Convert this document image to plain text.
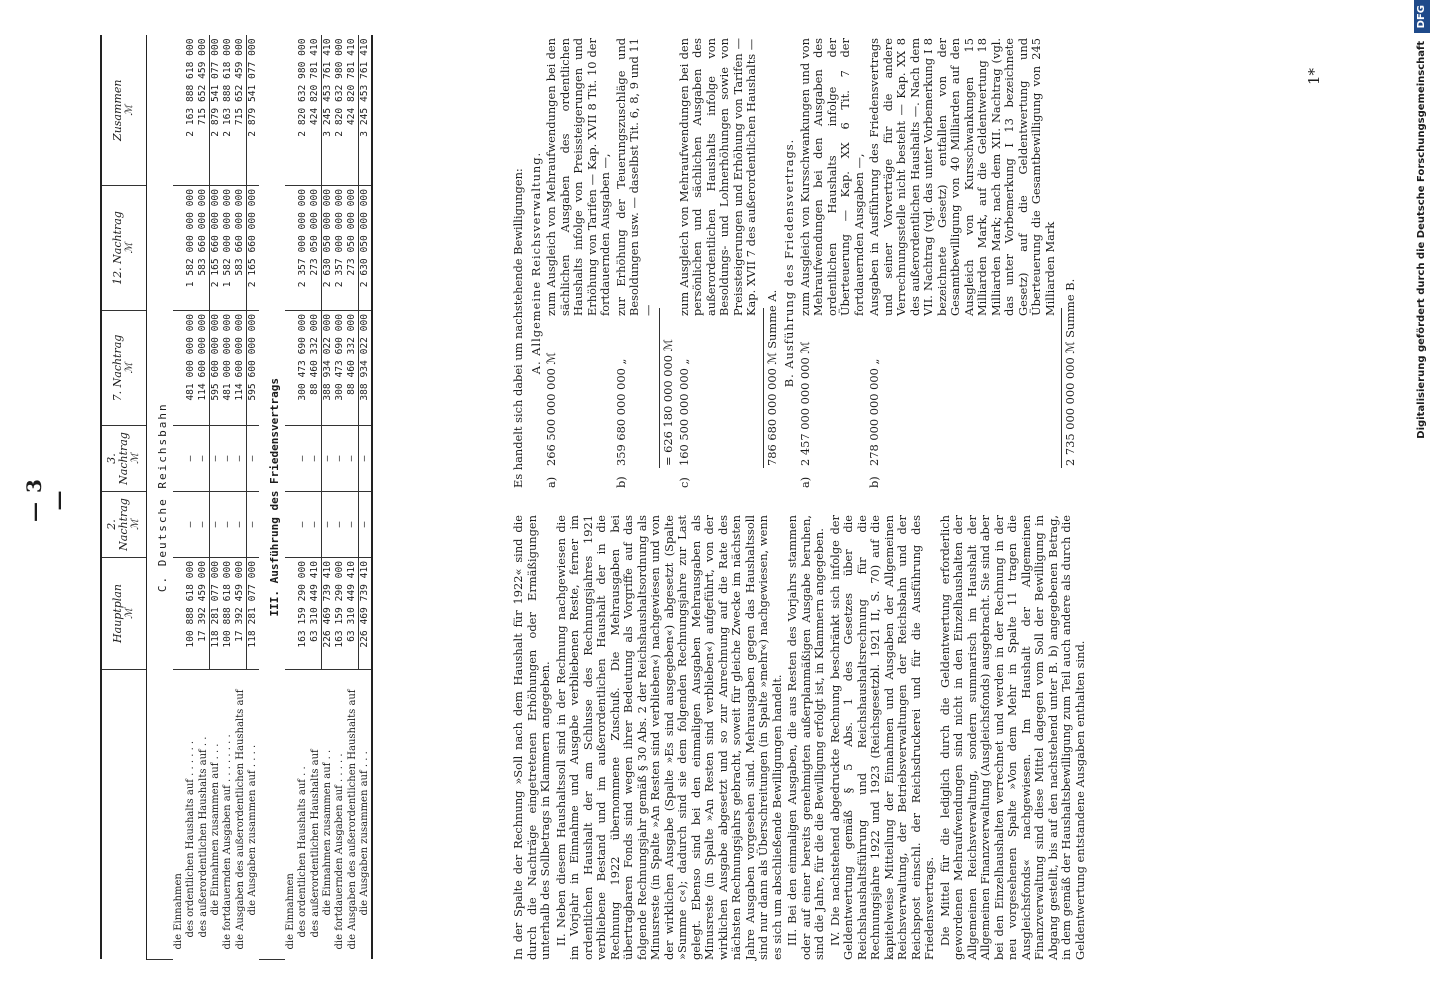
— 3 —
	Hauptplan ℳ	2. Nachtrag ℳ	3. Nachtrag ℳ	7. Nachtrag ℳ	12. Nachtrag ℳ	Zusammen ℳ

C. Deutsche Reichsbahn						
die Einnahmen						
des ordentlichen Haushalts auf . . . . . .	100 888 618 000	—	—	481 000 000 000	1 582 000 000 000	2 163 888 618 000
des außerordentlichen Haushalts auf . .	17 392 459 000	—	—	114 600 000 000	583 660 000 000	715 652 459 000
die Einnahmen zusammen auf . . .	118 281 077 000	—	—	595 600 000 000	2 165 660 000 000	2 879 541 077 000
die fortdauernden Ausgaben auf . . . . . . . .	100 888 618 000	—	—	481 000 000 000	1 582 000 000 000	2 163 888 618 000
die Ausgaben des außerordentlichen Haushalts auf	17 392 459 000	—	—	114 600 000 000	583 660 000 000	715 652 459 000
die Ausgaben zusammen auf . . . .	118 281 077 000	—	—	595 600 000 000	2 165 660 000 000	2 879 541 077 000
III. Ausführung des Friedensvertrags						
die Einnahmen						
des ordentlichen Haushalts auf . .	163 159 290 000	—	—	300 473 690 000	2 357 000 000 000	2 820 632 980 000
des außerordentlichen Haushalts auf	63 310 449 410	—	—	88 460 332 000	273 050 000 000	424 820 781 410
die Einnahmen zusammen auf . .	226 469 739 410	—	—	388 934 022 000	2 630 050 000 000	3 245 453 761 410
die fortdauernden Ausgaben auf . . . . .	163 159 290 000	—	—	300 473 690 000	2 357 000 000 000	2 820 632 980 000
die Ausgaben des außerordentlichen Haushalts auf	63 310 449 410	—	—	88 460 332 000	273 050 000 000	424 820 781 410
die Ausgaben zusammen auf . . .	226 469 739 410	—	—	388 934 022 000	2 630 050 000 000	3 245 453 761 410

In der Spalte der Rechnung »Soll nach dem Haushalt für 1922« sind die durch die Nachträge eingetretenen Erhöhungen oder Ermäßigungen unterhalb des Sollbetrags in Klammern angegeben. II. Neben diesem Haushaltssoll sind in der Rechnung nachgewiesen die im Vorjahr in Einnahme und Ausgabe verbliebenen Reste, ferner im ordentlichen Haushalt der am Schlusse des Rechnungsjahres 1921 verbliebene Bestand und im außerordentlichen Haushalt der in die Rechnung 1922 übernommene Zuschuß. Die Mehrausgaben bei übertragbaren Fonds sind wegen ihrer Bedeutung als Vorgriffe auf das folgende Rechnungsjahr gemäß § 30 Abs. 2 der Reichshaushaltsordnung als Minusreste (in Spalte »An Resten sind verblieben«) nachgewiesen und von der wirklichen Ausgabe (Spalte »Es sind ausgegeben«) abgesetzt (Spalte »Summe c«); dadurch sind sie dem folgenden Rechnungsjahre zur Last gelegt. Ebenso sind bei den einmaligen Ausgaben Mehrausgaben als Minusreste (in Spalte »An Resten sind verblieben«) aufgeführt, von der wirklichen Ausgabe abgesetzt und so zur Anrechnung auf die Rate des nächsten Rechnungsjahrs gebracht, soweit für gleiche Zwecke im nächsten Jahre Ausgaben vorgesehen sind. Mehrausgaben gegen das Haushaltssoll sind nur dann als Überschreitungen (in Spalte »mehr«) nachgewiesen, wenn es sich um abschließende Bewilligungen handelt. III. Bei den einmaligen Ausgaben, die aus Resten des Vorjahrs stammen oder auf einer bereits genehmigten außerplanmäßigen Ausgabe beruhen, sind die Jahre, für die die Bewilligung erfolgt ist, in Klammern angegeben. IV. Die nachstehend abgedruckte Rechnung beschränkt sich infolge der Geldentwertung gemäß § 5 Abs. 1 des Gesetzes über die Reichshaushaltsführung und Reichshaushaltsrechnung für die Rechnungsjahre 1922 und 1923 (Reichsgesetzbl. 1921 II, S. 70) auf die kapitelweise Mitteilung der Einnahmen und Ausgaben der Allgemeinen Reichsverwaltung, der Betriebsverwaltungen der Reichsbahn und der Reichspost einschl. der Reichsdruckerei und für die Ausführung des Friedensvertrags. Die Mittel für die lediglich durch die Geldentwertung erforderlich gewordenen Mehraufwendungen sind nicht in den Einzelhaushalten der Allgemeinen Reichsverwaltung, sondern summarisch im Haushalt der Allgemeinen Finanzverwaltung (Ausgleichsfonds) ausgebracht. Sie sind aber bei den Einzelhaushalten verrechnet und werden in der Rechnung in der neu vorgesehenen Spalte »Von dem Mehr in Spalte 11 tragen die Ausgleichsfonds« nachgewiesen. Im Haushalt der Allgemeinen Finanzverwaltung sind diese Mittel dagegen vom Soll der Bewilligung in Abgang gestellt, bis auf den nachstehend unter B. b) angegebenen Betrag, in dem gemäß der Haushaltsbewilligung zum Teil auch andere als durch die Geldentwertung entstandene Ausgaben enthalten sind.

Es handelt sich dabei um nachstehende Bewilligungen: A. Allgemeine Reichsverwaltung.
a)
266 500 000 000 ℳ
zum Ausgleich von Mehraufwendungen bei den sächlichen Ausgaben des ordentlichen Haushalts infolge von Preissteigerungen und Erhöhung von Tarifen — Kap. XVII 8 Tit. 10 der fortdauernden Ausgaben —,
b)
359 680 000 000 „
zur Erhöhung der Teuerungszuschläge und Besoldungen usw. — daselbst Tit. 6, 8, 9 und 11 —
= 626 180 000 000 ℳ
c)
160 500 000 000 „
zum Ausgleich von Mehraufwendungen bei den persönlichen und sächlichen Ausgaben des außerordentlichen Haushalts infolge von Besoldungs- und Lohnerhöhungen sowie von Preissteigerungen und Erhöhung von Tarifen — Kap. XVII 7 des außerordentlichen Haushalts —
786 680 000 000 ℳ Summe A. B. Ausführung des Friedensvertrags.
a)
2 457 000 000 000 ℳ
zum Ausgleich von Kursschwankungen und von Mehraufwendungen bei den Ausgaben des ordentlichen Haushalts infolge der Überteuerung — Kap. XX 6 Tit. 7 der fortdauernden Ausgaben —,
b)
278 000 000 000 „
Ausgaben in Ausführung des Friedensvertrags und seiner Vorverträge für die andere Verrechnungsstelle nicht besteht — Kap. XX 8 des außerordentlichen Haushalts —. Nach dem VII. Nachtrag (vgl. das unter Vorbemerkung I 8 bezeichnete Gesetz) entfallen von der Gesamtbewilligung von 40 Milliarden auf den Ausgleich von Kursschwankungen 15 Milliarden Mark, auf die Geldentwertung 18 Milliarden Mark; nach dem XII. Nachtrag (vgl. das unter Vorbemerkung I 13 bezeichnete Gesetz) auf die Geldentwertung und Überteuerung die Gesamtbewilligung von 245 Milliarden Mark
2 735 000 000 000 ℳ Summe B.
1*	Digitalisierung gefördert durch die Deutsche Forschungsgemeinschaft DFG
